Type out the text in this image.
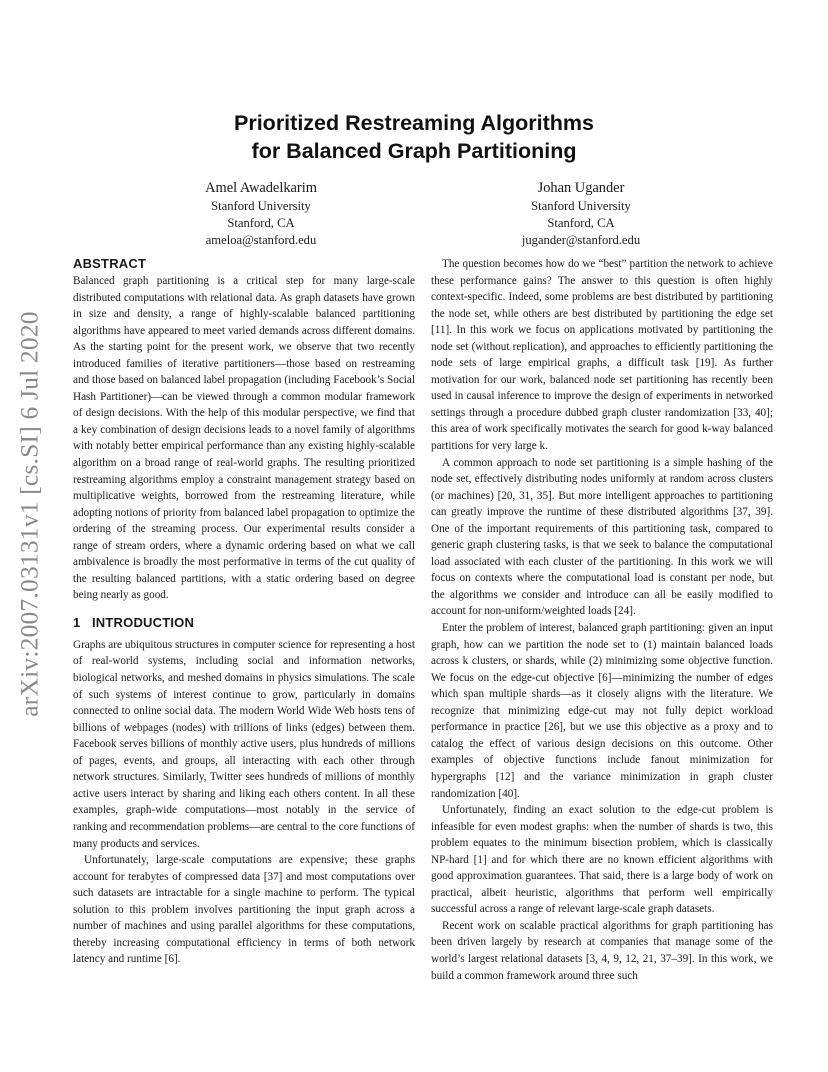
arXiv:2007.03131v1 [cs.SI] 6 Jul 2020
Prioritized Restreaming Algorithms
for Balanced Graph Partitioning
Amel Awadelkarim
Stanford University
Stanford, CA
ameloa@stanford.edu
Johan Ugander
Stanford University
Stanford, CA
jugander@stanford.edu
ABSTRACT

Balanced graph partitioning is a critical step for many large-scale distributed computations with relational data. As graph datasets have grown in size and density, a range of highly-scalable balanced partitioning algorithms have appeared to meet varied demands across different domains. As the starting point for the present work, we observe that two recently introduced families of iterative partitioners—those based on restreaming and those based on balanced label propagation (including Facebook’s Social Hash Partitioner)—can be viewed through a common modular framework of design decisions. With the help of this modular perspective, we find that a key combination of design decisions leads to a novel family of algorithms with notably better empirical performance than any existing highly-scalable algorithm on a broad range of real-world graphs. The resulting prioritized restreaming algorithms employ a constraint management strategy based on multiplicative weights, borrowed from the restreaming literature, while adopting notions of priority from balanced label propagation to optimize the ordering of the streaming process. Our experimental results consider a range of stream orders, where a dynamic ordering based on what we call ambivalence is broadly the most performative in terms of the cut quality of the resulting balanced partitions, with a static ordering based on degree being nearly as good.

1 INTRODUCTION

Graphs are ubiquitous structures in computer science for representing a host of real-world systems, including social and information networks, biological networks, and meshed domains in physics simulations. The scale of such systems of interest continue to grow, particularly in domains connected to online social data. The modern World Wide Web hosts tens of billions of webpages (nodes) with trillions of links (edges) between them. Facebook serves billions of monthly active users, plus hundreds of millions of pages, events, and groups, all interacting with each other through network structures. Similarly, Twitter sees hundreds of millions of monthly active users interact by sharing and liking each others content. In all these examples, graph-wide computations—most notably in the service of ranking and recommendation problems—are central to the core functions of many products and services.

Unfortunately, large-scale computations are expensive; these graphs account for terabytes of compressed data [37] and most computations over such datasets are intractable for a single machine to perform. The typical solution to this problem involves partitioning the input graph across a number of machines and using parallel algorithms for these computations, thereby increasing computational efficiency in terms of both network latency and runtime [6].

The question becomes how do we “best” partition the network to achieve these performance gains? The answer to this question is often highly context-specific. Indeed, some problems are best distributed by partitioning the node set, while others are best distributed by partitioning the edge set [11]. In this work we focus on applications motivated by partitioning the node set (without replication), and approaches to efficiently partitioning the node sets of large empirical graphs, a difficult task [19]. As further motivation for our work, balanced node set partitioning has recently been used in causal inference to improve the design of experiments in networked settings through a procedure dubbed graph cluster randomization [33, 40]; this area of work specifically motivates the search for good k-way balanced partitions for very large k.

A common approach to node set partitioning is a simple hashing of the node set, effectively distributing nodes uniformly at random across clusters (or machines) [20, 31, 35]. But more intelligent approaches to partitioning can greatly improve the runtime of these distributed algorithms [37, 39]. One of the important requirements of this partitioning task, compared to generic graph clustering tasks, is that we seek to balance the computational load associated with each cluster of the partitioning. In this work we will focus on contexts where the computational load is constant per node, but the algorithms we consider and introduce can all be easily modified to account for non-uniform/weighted loads [24].

Enter the problem of interest, balanced graph partitioning: given an input graph, how can we partition the node set to (1) maintain balanced loads across k clusters, or shards, while (2) minimizing some objective function. We focus on the edge-cut objective [6]—minimizing the number of edges which span multiple shards—as it closely aligns with the literature. We recognize that minimizing edge-cut may not fully depict workload performance in practice [26], but we use this objective as a proxy and to catalog the effect of various design decisions on this outcome. Other examples of objective functions include fanout minimization for hypergraphs [12] and the variance minimization in graph cluster randomization [40].

Unfortunately, finding an exact solution to the edge-cut problem is infeasible for even modest graphs: when the number of shards is two, this problem equates to the minimum bisection problem, which is classically NP-hard [1] and for which there are no known efficient algorithms with good approximation guarantees. That said, there is a large body of work on practical, albeit heuristic, algorithms that perform well empirically successful across a range of relevant large-scale graph datasets.

Recent work on scalable practical algorithms for graph partitioning has been driven largely by research at companies that manage some of the world’s largest relational datasets [3, 4, 9, 12, 21, 37–39]. In this work, we build a common framework around three such
